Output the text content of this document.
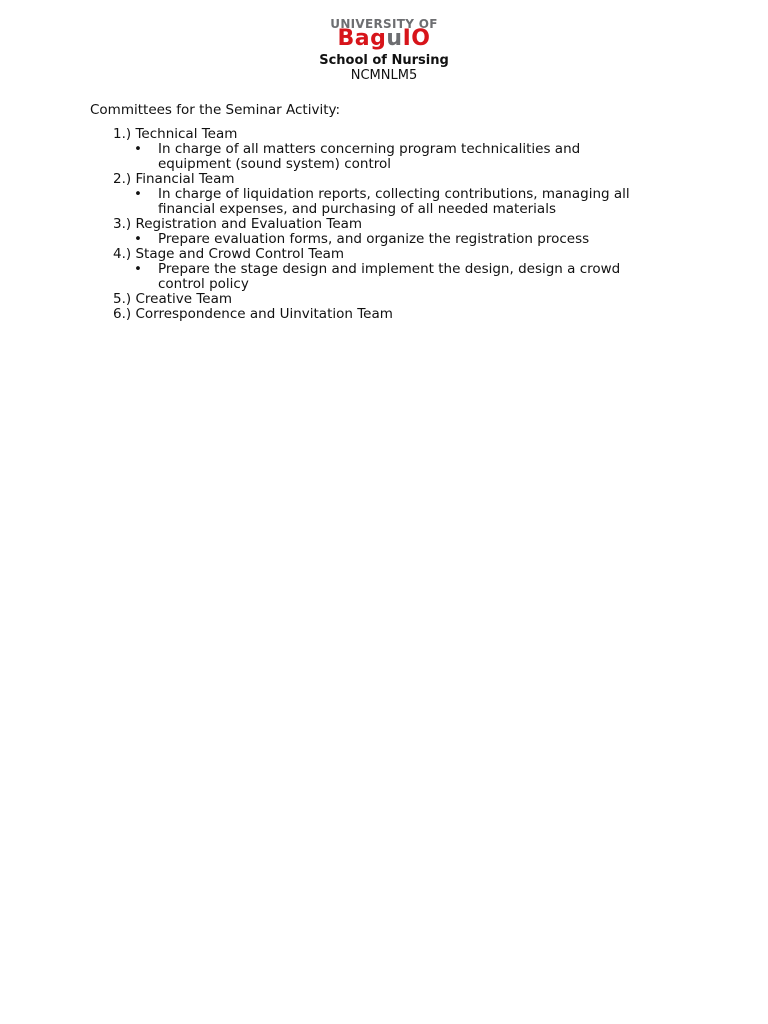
UNIVERSITY OF
BaguIO
School of Nursing
NCMNLM5

Committees for the Seminar Activity:

1.) Technical Team
• In charge of all matters concerning program technicalities and equipment (sound system) control
2.) Financial Team
• In charge of liquidation reports, collecting contributions, managing all financial expenses, and purchasing of all needed materials
3.) Registration and Evaluation Team
• Prepare evaluation forms, and organize the registration process
4.) Stage and Crowd Control Team
• Prepare the stage design and implement the design, design a crowd control policy
5.) Creative Team
6.) Correspondence and Uinvitation Team
